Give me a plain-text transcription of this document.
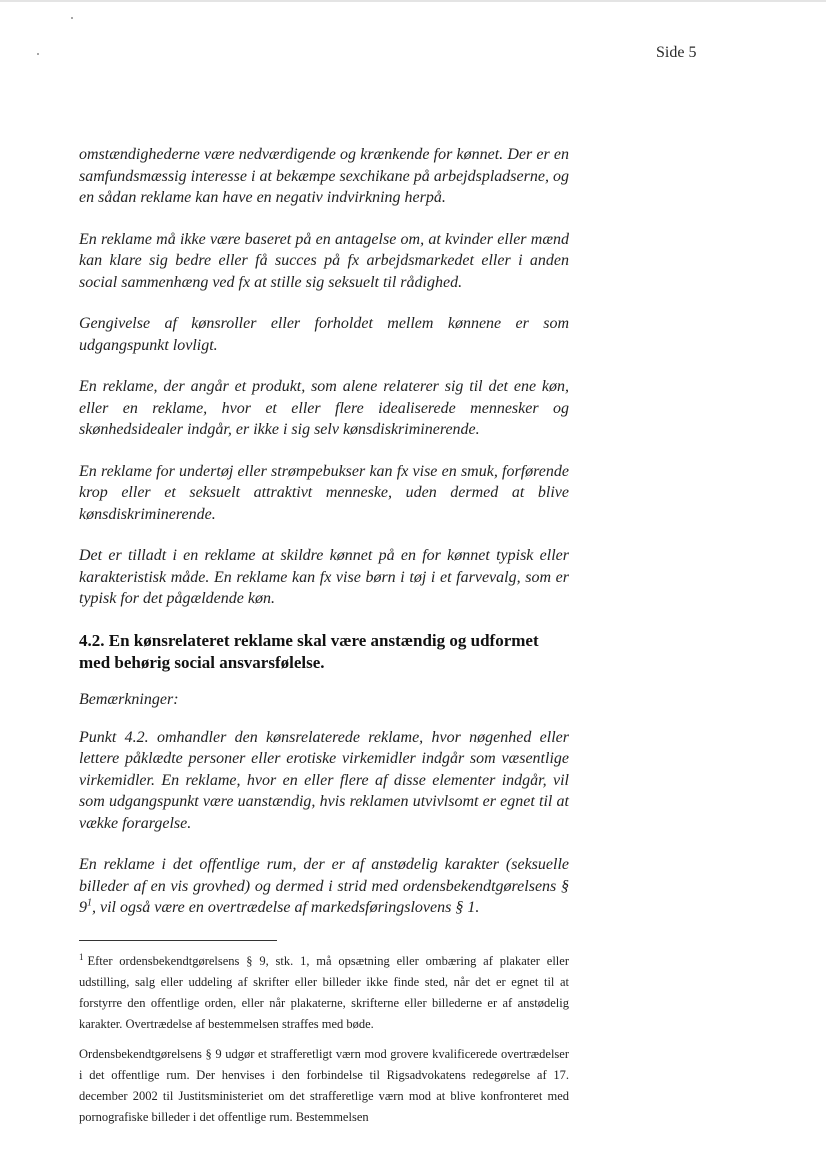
Side 5

omstændighederne være nedværdigende og krænkende for kønnet. Der er en samfundsmæssig interesse i at bekæmpe sexchikane på arbejdspladserne, og en sådan reklame kan have en negativ indvirkning herpå.

En reklame må ikke være baseret på en antagelse om, at kvinder eller mænd kan klare sig bedre eller få succes på fx arbejdsmarkedet eller i anden social sammenhæng ved fx at stille sig seksuelt til rådighed.

Gengivelse af kønsroller eller forholdet mellem kønnene er som udgangspunkt lovligt.

En reklame, der angår et produkt, som alene relaterer sig til det ene køn, eller en reklame, hvor et eller flere idealiserede mennesker og skønhedsidealer indgår, er ikke i sig selv kønsdiskriminerende.

En reklame for undertøj eller strømpebukser kan fx vise en smuk, forførende krop eller et seksuelt attraktivt menneske, uden dermed at blive kønsdiskriminerende.

Det er tilladt i en reklame at skildre kønnet på en for kønnet typisk eller karakteristisk måde. En reklame kan fx vise børn i tøj i et farvevalg, som er typisk for det pågældende køn.

4.2. En kønsrelateret reklame skal være anstændig og udformet med behørig social ansvarsfølelse.

Bemærkninger:

Punkt 4.2. omhandler den kønsrelaterede reklame, hvor nøgenhed eller lettere påklædte personer eller erotiske virkemidler indgår som væsentlige virkemidler. En reklame, hvor en eller flere af disse elementer indgår, vil som udgangspunkt være uanstændig, hvis reklamen utvivlsomt er egnet til at vække forargelse.

En reklame i det offentlige rum, der er af anstødelig karakter (seksuelle billeder af en vis grovhed) og dermed i strid med ordensbekendtgørelsens § 9$^1$, vil også være en overtrædelse af markedsføringslovens § 1.

$^1$ Efter ordensbekendtgørelsens § 9, stk. 1, må opsætning eller ombæring af plakater eller udstilling, salg eller uddeling af skrifter eller billeder ikke finde sted, når det er egnet til at forstyrre den offentlige orden, eller når plakaterne, skrifterne eller billederne er af anstødelig karakter. Overtrædelse af bestemmelsen straffes med bøde.

Ordensbekendtgørelsens § 9 udgør et strafferetligt værn mod grovere kvalificerede overtrædelser i det offentlige rum. Der henvises i den forbindelse til Rigsadvokatens redegørelse af 17. december 2002 til Justitsministeriet om det strafferetlige værn mod at blive konfronteret med pornografiske billeder i det offentlige rum. Bestemmelsen
